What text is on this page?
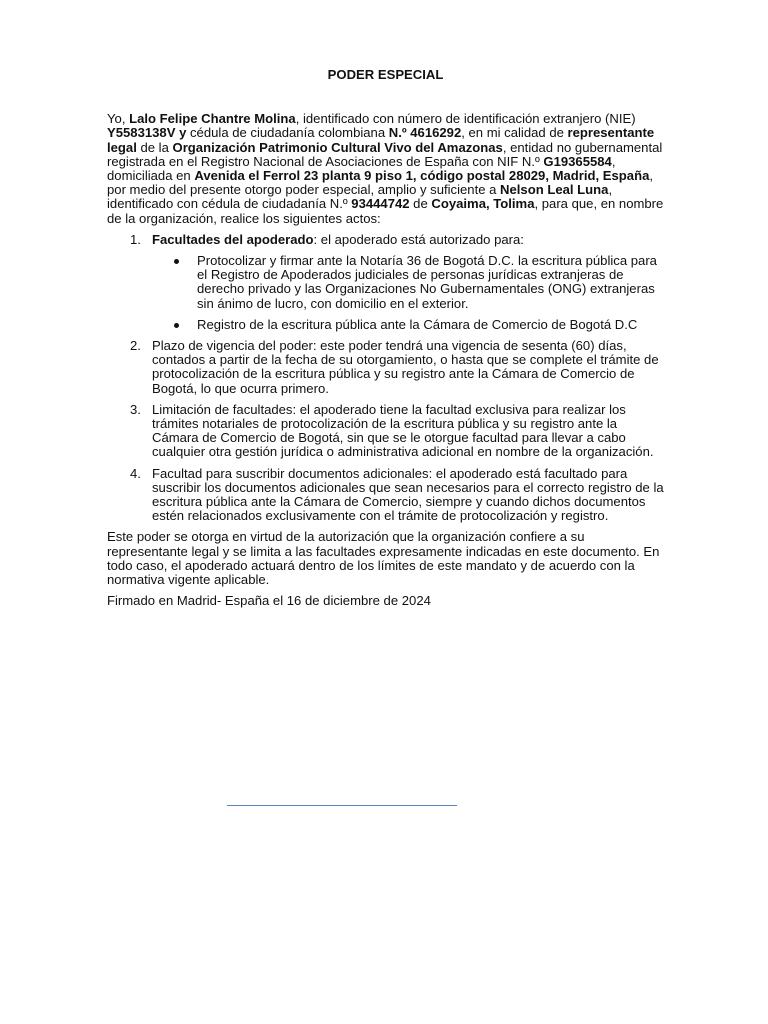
PODER ESPECIAL

Yo, Lalo Felipe Chantre Molina, identificado con número de identificación extranjero (NIE) Y5583138V y cédula de ciudadanía colombiana N.º 4616292, en mi calidad de representante legal de la Organización Patrimonio Cultural Vivo del Amazonas, entidad no gubernamental registrada en el Registro Nacional de Asociaciones de España con NIF N.º G19365584, domiciliada en Avenida el Ferrol 23 planta 9 piso 1, código postal 28029, Madrid, España, por medio del presente otorgo poder especial, amplio y suficiente a Nelson Leal Luna, identificado con cédula de ciudadanía N.º 93444742 de Coyaima, Tolima, para que, en nombre de la organización, realice los siguientes actos:

1. Facultades del apoderado: el apoderado está autorizado para:
Protocolizar y firmar ante la Notaría 36 de Bogotá D.C. la escritura pública para el Registro de Apoderados judiciales de personas jurídicas extranjeras de derecho privado y las Organizaciones No Gubernamentales (ONG) extranjeras sin ánimo de lucro, con domicilio en el exterior.
Registro de la escritura pública ante la Cámara de Comercio de Bogotá D.C
2. Plazo de vigencia del poder: este poder tendrá una vigencia de sesenta (60) días, contados a partir de la fecha de su otorgamiento, o hasta que se complete el trámite de protocolización de la escritura pública y su registro ante la Cámara de Comercio de Bogotá, lo que ocurra primero.
3. Limitación de facultades: el apoderado tiene la facultad exclusiva para realizar los trámites notariales de protocolización de la escritura pública y su registro ante la Cámara de Comercio de Bogotá, sin que se le otorgue facultad para llevar a cabo cualquier otra gestión jurídica o administrativa adicional en nombre de la organización.
4. Facultad para suscribir documentos adicionales: el apoderado está facultado para suscribir los documentos adicionales que sean necesarios para el correcto registro de la escritura pública ante la Cámara de Comercio, siempre y cuando dichos documentos estén relacionados exclusivamente con el trámite de protocolización y registro.

Este poder se otorga en virtud de la autorización que la organización confiere a su representante legal y se limita a las facultades expresamente indicadas en este documento. En todo caso, el apoderado actuará dentro de los límites de este mandato y de acuerdo con la normativa vigente aplicable.

Firmado en Madrid- España el 16 de diciembre de 2024
